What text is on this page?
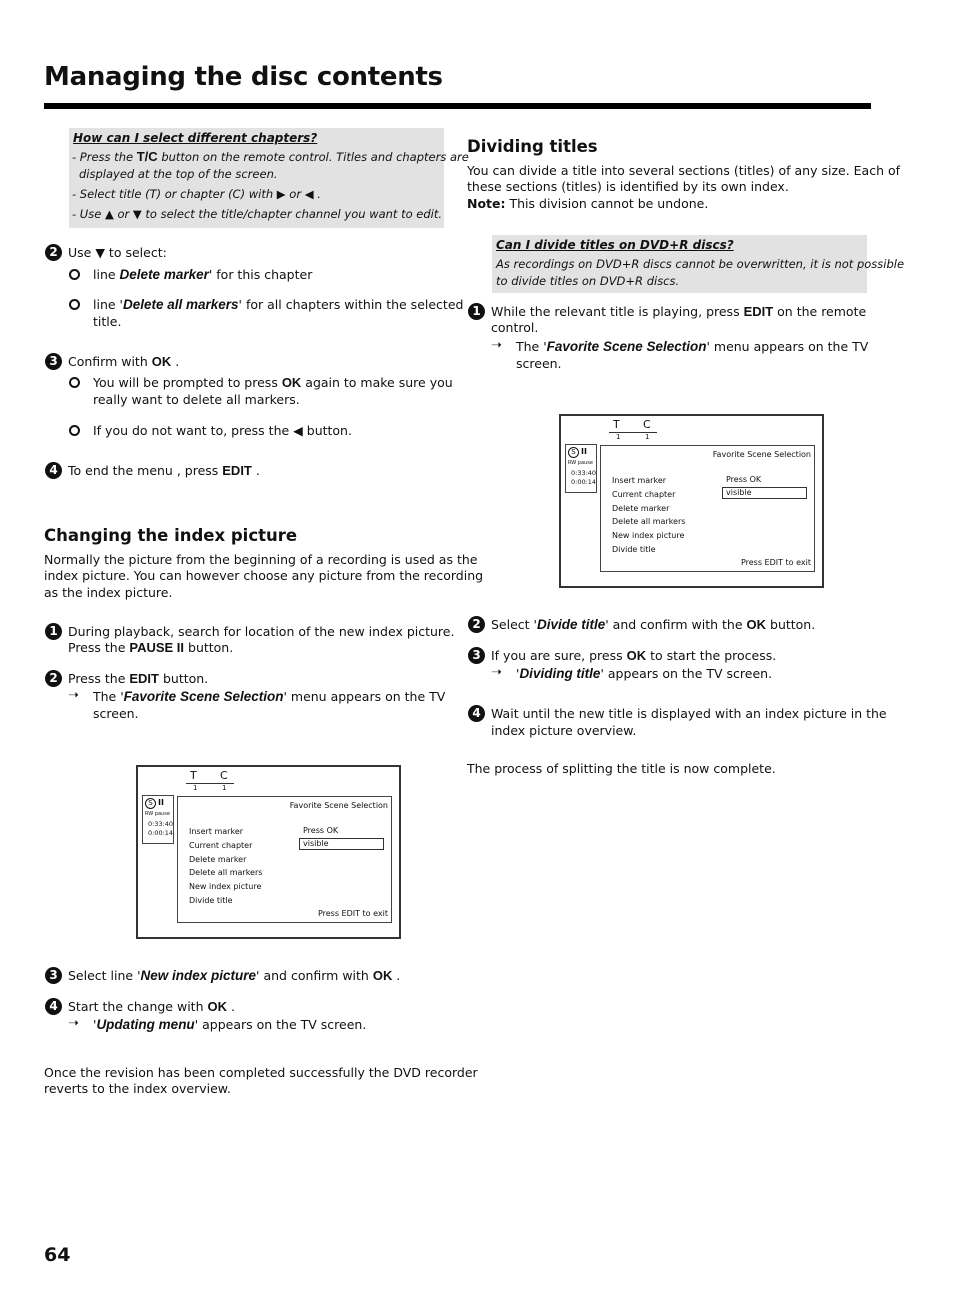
Managing the disc contents
How can I select different chapters?
- Press the T/C button on the remote control. Titles and chapters are
displayed at the top of the screen.
- Select title (T) or chapter (C) with ▶ or ◀ .
- Use ▲ or ▼ to select the title/chapter channel you want to edit.
2 Use ▼ to select:
line Delete marker' for this chapter
line 'Delete all markers' for all chapters within the selected
title.
3 Confirm with OK .
You will be prompted to press OK again to make sure you
really want to delete all markers.
If you do not want to, press the ◀ button.
4 To end the menu , press EDIT .
Changing the index picture
Normally the picture from the beginning of a recording is used as the
index picture. You can however choose any picture from the recording
as the index picture.
1 During playback, search for location of the new index picture.
Press the PAUSE II button.
2 Press the EDIT button.
➝ The 'Favorite Scene Selection' menu appears on the TV
screen.
T C
1	1
S II
RW pause
0:33:40
0:00:14
Favorite Scene Selection
Insert marker
Current chapter
Delete marker
Delete all markers
New index picture
Divide title
Press OK
visible
Press EDIT to exit
3 Select line 'New index picture' and confirm with OK .
4 Start the change with OK .
➝ 'Updating menu' appears on the TV screen.
Once the revision has been completed successfully the DVD recorder
reverts to the index overview.
Dividing titles
You can divide a title into several sections (titles) of any size. Each of
these sections (titles) is identified by its own index.
Note: This division cannot be undone.
Can I divide titles on DVD+R discs?
As recordings on DVD+R discs cannot be overwritten, it is not possible
to divide titles on DVD+R discs.
1 While the relevant title is playing, press EDIT on the remote
control.
➝ The 'Favorite Scene Selection' menu appears on the TV
screen.
T C
1	1
S II
RW pause
0:33:40
0:00:14
Favorite Scene Selection
Insert marker
Current chapter
Delete marker
Delete all markers
New index picture
Divide title
Press OK
visible
Press EDIT to exit
2 Select 'Divide title' and confirm with the OK button.
3 If you are sure, press OK to start the process.
➝ 'Dividing title' appears on the TV screen.
4 Wait until the new title is displayed with an index picture in the
index picture overview.
The process of splitting the title is now complete.
64
